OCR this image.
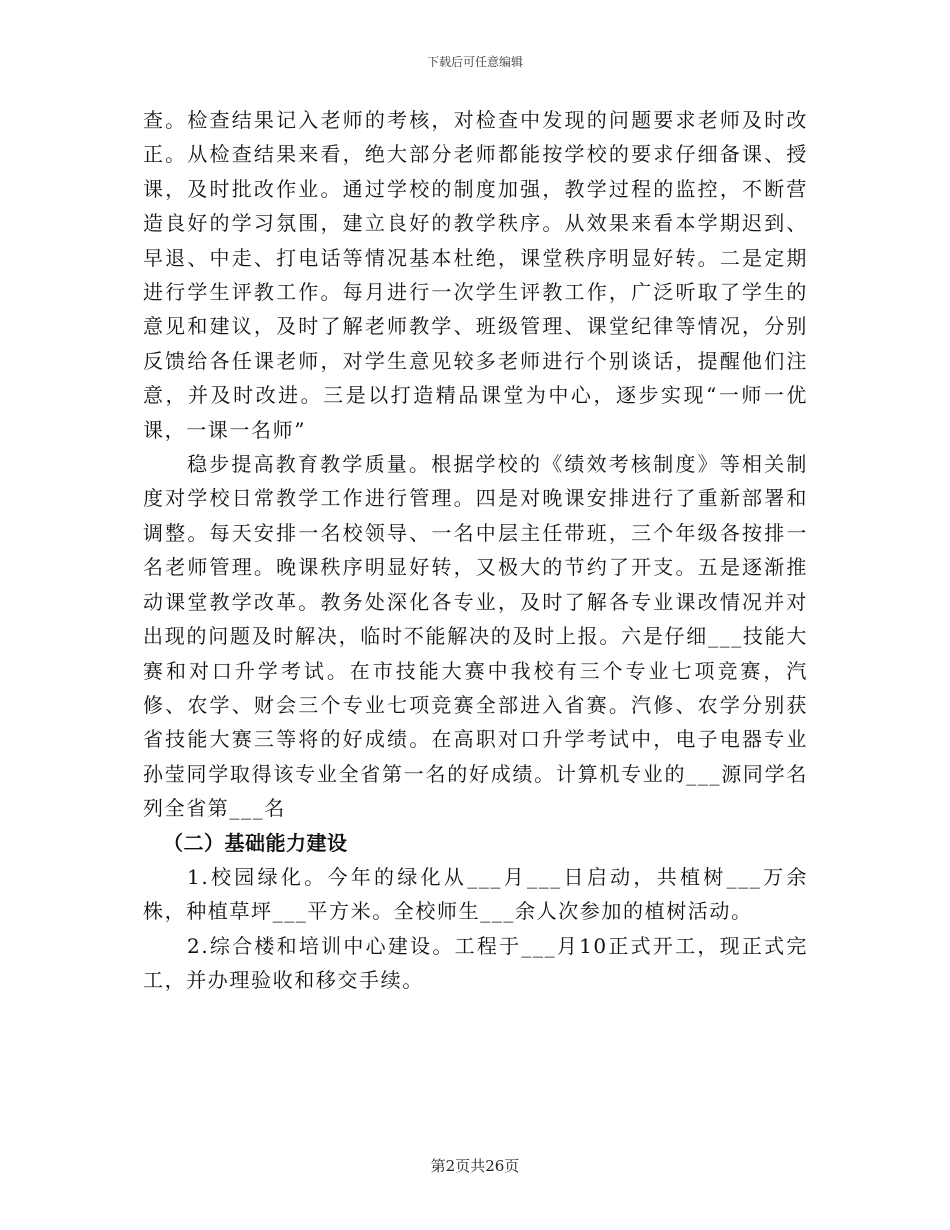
下载后可任意编辑

查。检查结果记入老师的考核，对检查中发现的问题要求老师及时改正。从检查结果来看，绝大部分老师都能按学校的要求仔细备课、授课，及时批改作业。通过学校的制度加强，教学过程的监控，不断营造良好的学习氛围，建立良好的教学秩序。从效果来看本学期迟到、早退、中走、打电话等情况基本杜绝，课堂秩序明显好转。二是定期进行学生评教工作。每月进行一次学生评教工作，广泛听取了学生的意见和建议，及时了解老师教学、班级管理、课堂纪律等情况，分别反馈给各任课老师，对学生意见较多老师进行个别谈话，提醒他们注意，并及时改进。三是以打造精品课堂为中心，逐步实现“一师一优课，一课一名师”

稳步提高教育教学质量。根据学校的《绩效考核制度》等相关制度对学校日常教学工作进行管理。四是对晚课安排进行了重新部署和调整。每天安排一名校领导、一名中层主任带班，三个年级各按排一名老师管理。晚课秩序明显好转，又极大的节约了开支。五是逐渐推动课堂教学改革。教务处深化各专业，及时了解各专业课改情况并对出现的问题及时解决，临时不能解决的及时上报。六是仔细___技能大赛和对口升学考试。在市技能大赛中我校有三个专业七项竞赛，汽修、农学、财会三个专业七项竞赛全部进入省赛。汽修、农学分别获省技能大赛三等将的好成绩。在高职对口升学考试中，电子电器专业孙莹同学取得该专业全省第一名的好成绩。计算机专业的___源同学名列全省第___名

（二）基础能力建设

1.校园绿化。今年的绿化从___月___日启动，共植树___万余株，种植草坪___平方米。全校师生___余人次参加的植树活动。

2.综合楼和培训中心建设。工程于___月10正式开工，现正式完工，并办理验收和移交手续。

第2页共26页
